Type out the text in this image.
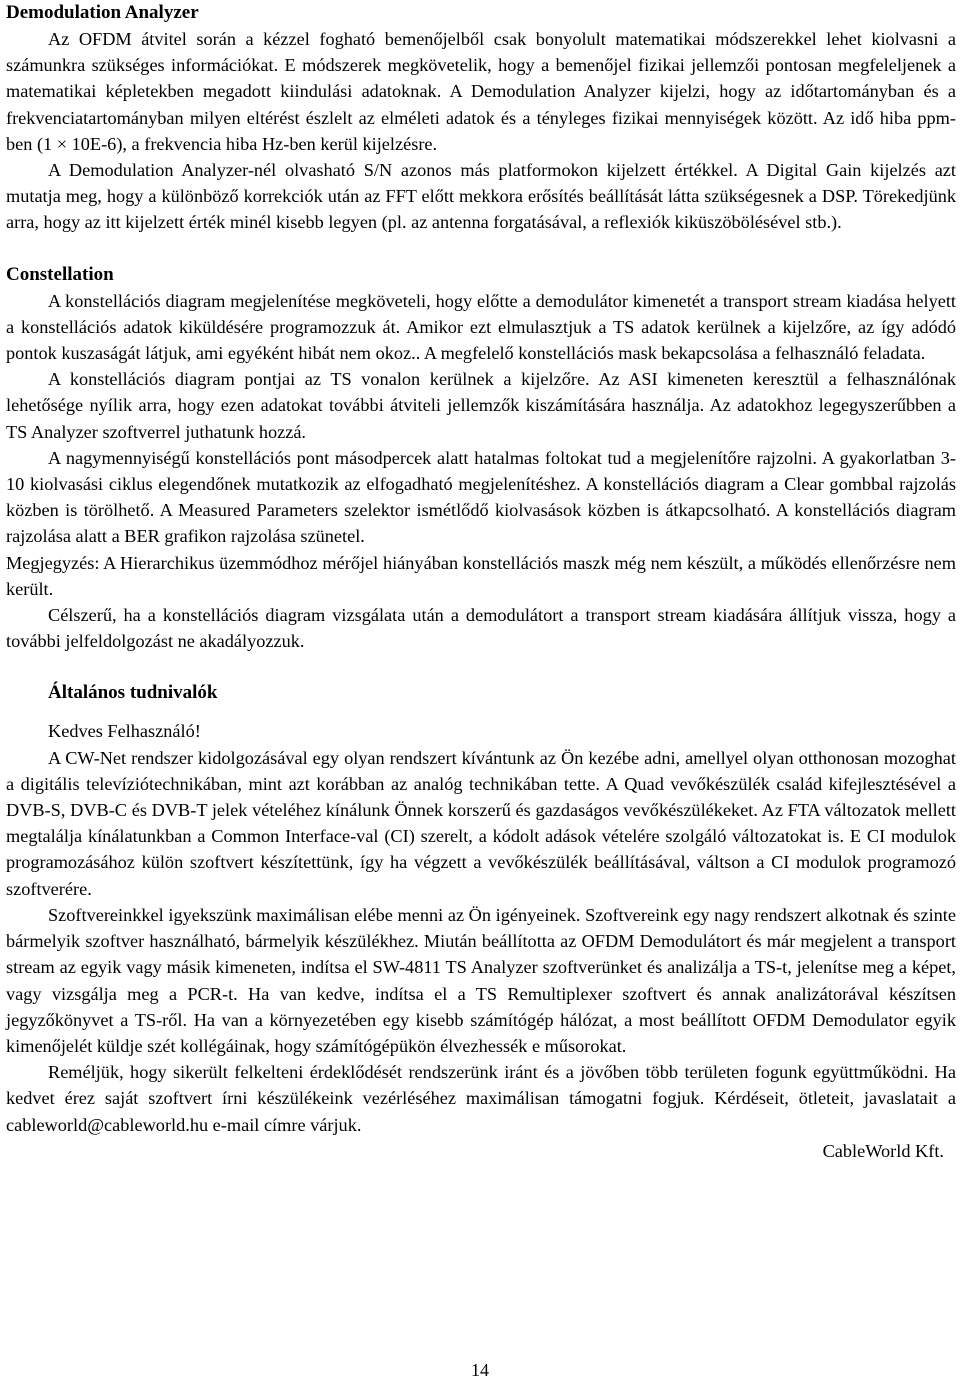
Demodulation Analyzer

Az OFDM átvitel során a kézzel fogható bemenőjelből csak bonyolult matematikai módszerekkel lehet kiolvasni a számunkra szükséges információkat. E módszerek megkövetelik, hogy a bemenőjel fizikai jellemzői pontosan megfeleljenek a matematikai képletekben megadott kiindulási adatoknak. A Demodulation Analyzer kijelzi, hogy az időtartományban és a frekvenciatartományban milyen eltérést észlelt az elméleti adatok és a tényleges fizikai mennyiségek között. Az idő hiba ppm-ben (1 × 10E-6), a frekvencia hiba Hz-ben kerül kijelzésre.

A Demodulation Analyzer-nél olvasható S/N azonos más platformokon kijelzett értékkel. A Digital Gain kijelzés azt mutatja meg, hogy a különböző korrekciók után az FFT előtt mekkora erősítés beállítását látta szükségesnek a DSP. Törekedjünk arra, hogy az itt kijelzett érték minél kisebb legyen (pl. az antenna forgatásával, a reflexiók kiküszöbölésével stb.).

Constellation

A konstellációs diagram megjelenítése megköveteli, hogy előtte a demodulátor kimenetét a transport stream kiadása helyett a konstellációs adatok kiküldésére programozzuk át. Amikor ezt elmulasztjuk a TS adatok kerülnek a kijelzőre, az így adódó pontok kuszaságát látjuk, ami egyéként hibát nem okoz.. A megfelelő konstellációs mask bekapcsolása a felhasználó feladata.

A konstellációs diagram pontjai az TS vonalon kerülnek a kijelzőre. Az ASI kimeneten keresztül a felhasználónak lehetősége nyílik arra, hogy ezen adatokat további átviteli jellemzők kiszámítására használja. Az adatokhoz legegyszerűbben a TS Analyzer szoftverrel juthatunk hozzá.

A nagymennyiségű konstellációs pont másodpercek alatt hatalmas foltokat tud a megjelenítőre rajzolni. A gyakorlatban 3-10 kiolvasási ciklus elegendőnek mutatkozik az elfogadható megjelenítéshez. A konstellációs diagram a Clear gombbal rajzolás közben is törölhető. A Measured Parameters szelektor ismétlődő kiolvasások közben is átkapcsolható. A konstellációs diagram rajzolása alatt a BER grafikon rajzolása szünetel.

Megjegyzés: A Hierarchikus üzemmódhoz mérőjel hiányában konstellációs maszk még nem készült, a működés ellenőrzésre nem került.

Célszerű, ha a konstellációs diagram vizsgálata után a demodulátort a transport stream kiadására állítjuk vissza, hogy a további jelfeldolgozást ne akadályozzuk.

Általános tudnivalók
Kedves Felhasználó!

A CW-Net rendszer kidolgozásával egy olyan rendszert kívántunk az Ön kezébe adni, amellyel olyan otthonosan mozoghat a digitális televíziótechnikában, mint azt korábban az analóg technikában tette. A Quad vevőkészülék család kifejlesztésével a DVB-S, DVB-C és DVB-T jelek vételéhez kínálunk Önnek korszerű és gazdaságos vevőkészülékeket. Az FTA változatok mellett megtalálja kínálatunkban a Common Interface-val (CI) szerelt, a kódolt adások vételére szolgáló változatokat is. E CI modulok programozásához külön szoftvert készítettünk, így ha végzett a vevőkészülék beállításával, váltson a CI modulok programozó szoftverére.

Szoftvereinkkel igyekszünk maximálisan elébe menni az Ön igényeinek. Szoftvereink egy nagy rendszert alkotnak és szinte bármelyik szoftver használható, bármelyik készülékhez. Miután beállította az OFDM Demodulátort és már megjelent a transport stream az egyik vagy másik kimeneten, indítsa el SW-4811 TS Analyzer szoftverünket és analizálja a TS-t, jelenítse meg a képet, vagy vizsgálja meg a PCR-t. Ha van kedve, indítsa el a TS Remultiplexer szoftvert és annak analizátorával készítsen jegyzőkönyvet a TS-ről. Ha van a környezetében egy kisebb számítógép hálózat, a most beállított OFDM Demodulator egyik kimenőjelét küldje szét kollégáinak, hogy számítógépükön élvezhessék e műsorokat.

Reméljük, hogy sikerült felkelteni érdeklődését rendszerünk iránt és a jövőben több területen fogunk együttműködni. Ha kedvet érez saját szoftvert írni készülékeink vezérléséhez maximálisan támogatni fogjuk. Kérdéseit, ötleteit, javaslatait a cableworld@cableworld.hu e-mail címre várjuk.

CableWorld Kft.
14
